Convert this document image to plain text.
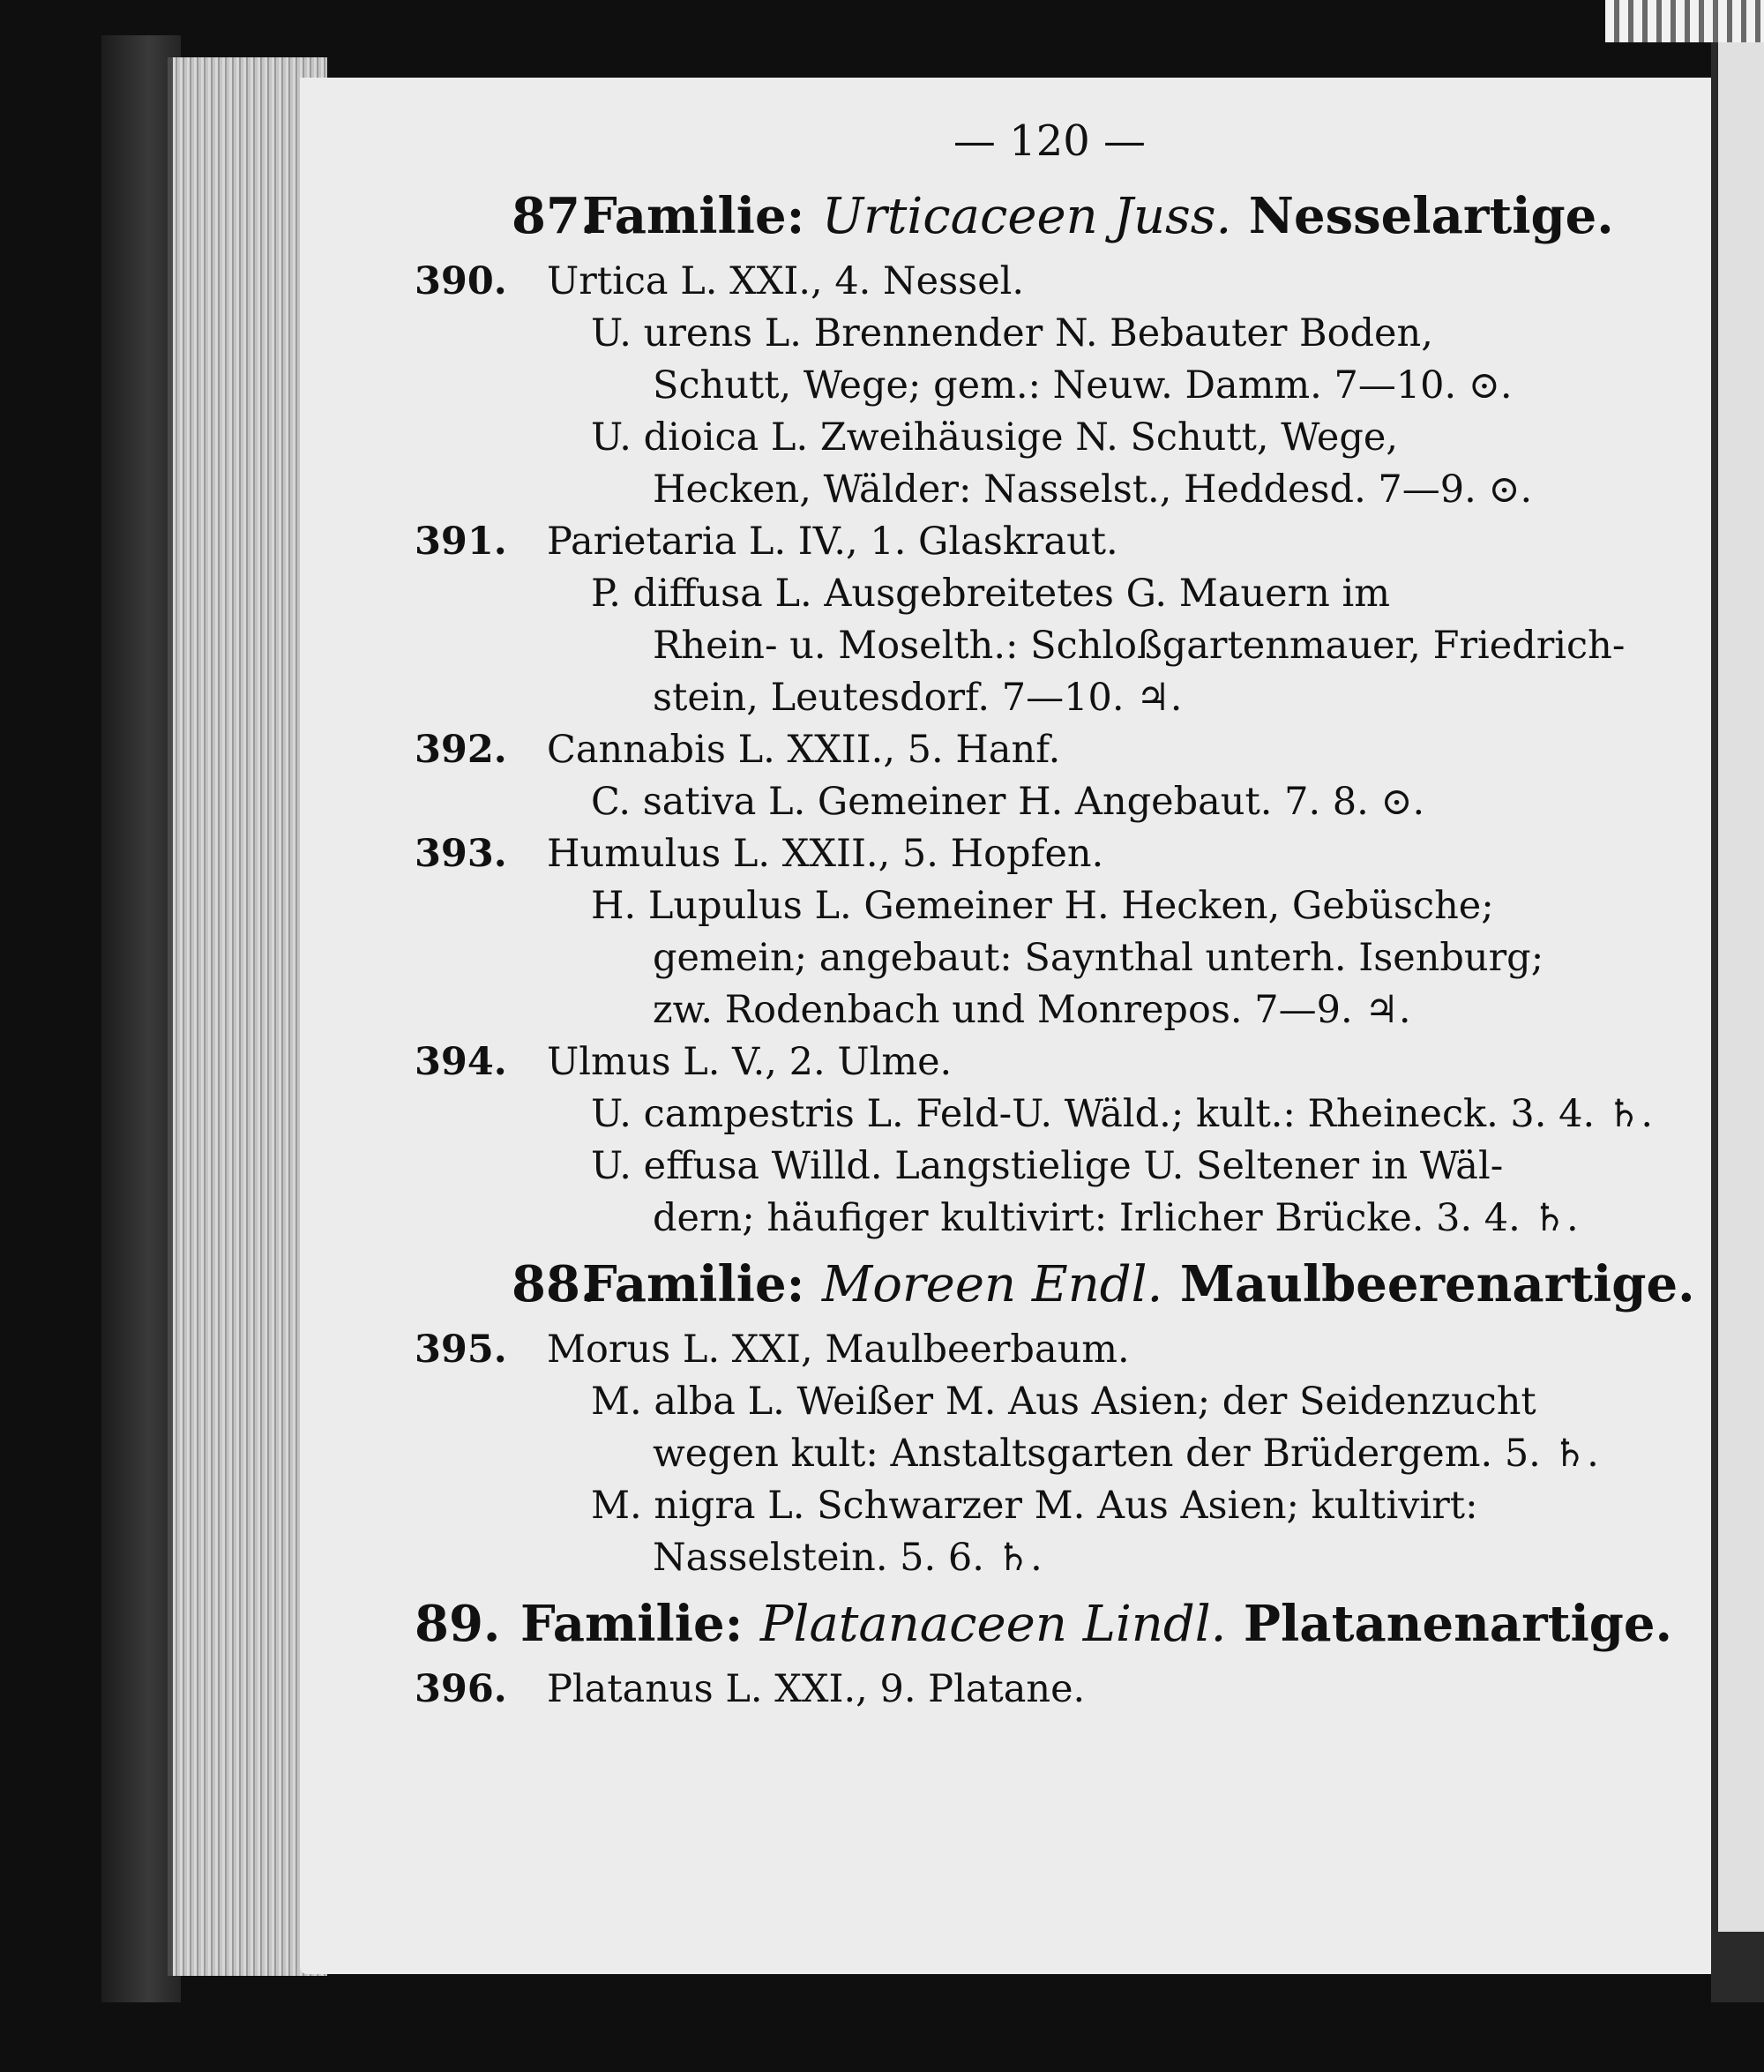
— 120 —
87.
Familie: Urticaceen Juss. Nesselartige.
390. Urtica L. XXI., 4. Nessel.
U. urens L. Brennender N. Bebauter Boden,
Schutt, Wege; gem.: Neuw. Damm. 7—10. ⊙.
U. dioica L. Zweihäusige N. Schutt, Wege,
Hecken, Wälder: Nasselst., Heddesd. 7—9. ⊙.
391. Parietaria L. IV., 1. Glaskraut.
P. diffusa L. Ausgebreitetes G. Mauern im
Rhein- u. Moselth.: Schloßgartenmauer, Friedrich-
stein, Leutesdorf. 7—10. ♃.
392. Cannabis L. XXII., 5. Hanf.
C. sativa L. Gemeiner H. Angebaut. 7. 8. ⊙.
393. Humulus L. XXII., 5. Hopfen.
H. Lupulus L. Gemeiner H. Hecken, Gebüsche;
gemein; angebaut: Saynthal unterh. Isenburg;
zw. Rodenbach und Monrepos. 7—9. ♃.
394. Ulmus L. V., 2. Ulme.
U. campestris L. Feld-U. Wäld.; kult.: Rheineck. 3. 4. ♄.
U. effusa Willd. Langstielige U. Seltener in Wäl-
dern; häufiger kultivirt: Irlicher Brücke. 3. 4. ♄.
88.
Familie: Moreen Endl. Maulbeerenartige.
395. Morus L. XXI, Maulbeerbaum.
M. alba L. Weißer M. Aus Asien; der Seidenzucht
wegen kult: Anstaltsgarten der Brüdergem. 5. ♄.
M. nigra L. Schwarzer M. Aus Asien; kultivirt:
Nasselstein. 5. 6. ♄.
89. Familie: Platanaceen Lindl. Platanenartige.
396. Platanus L. XXI., 9. Platane.
